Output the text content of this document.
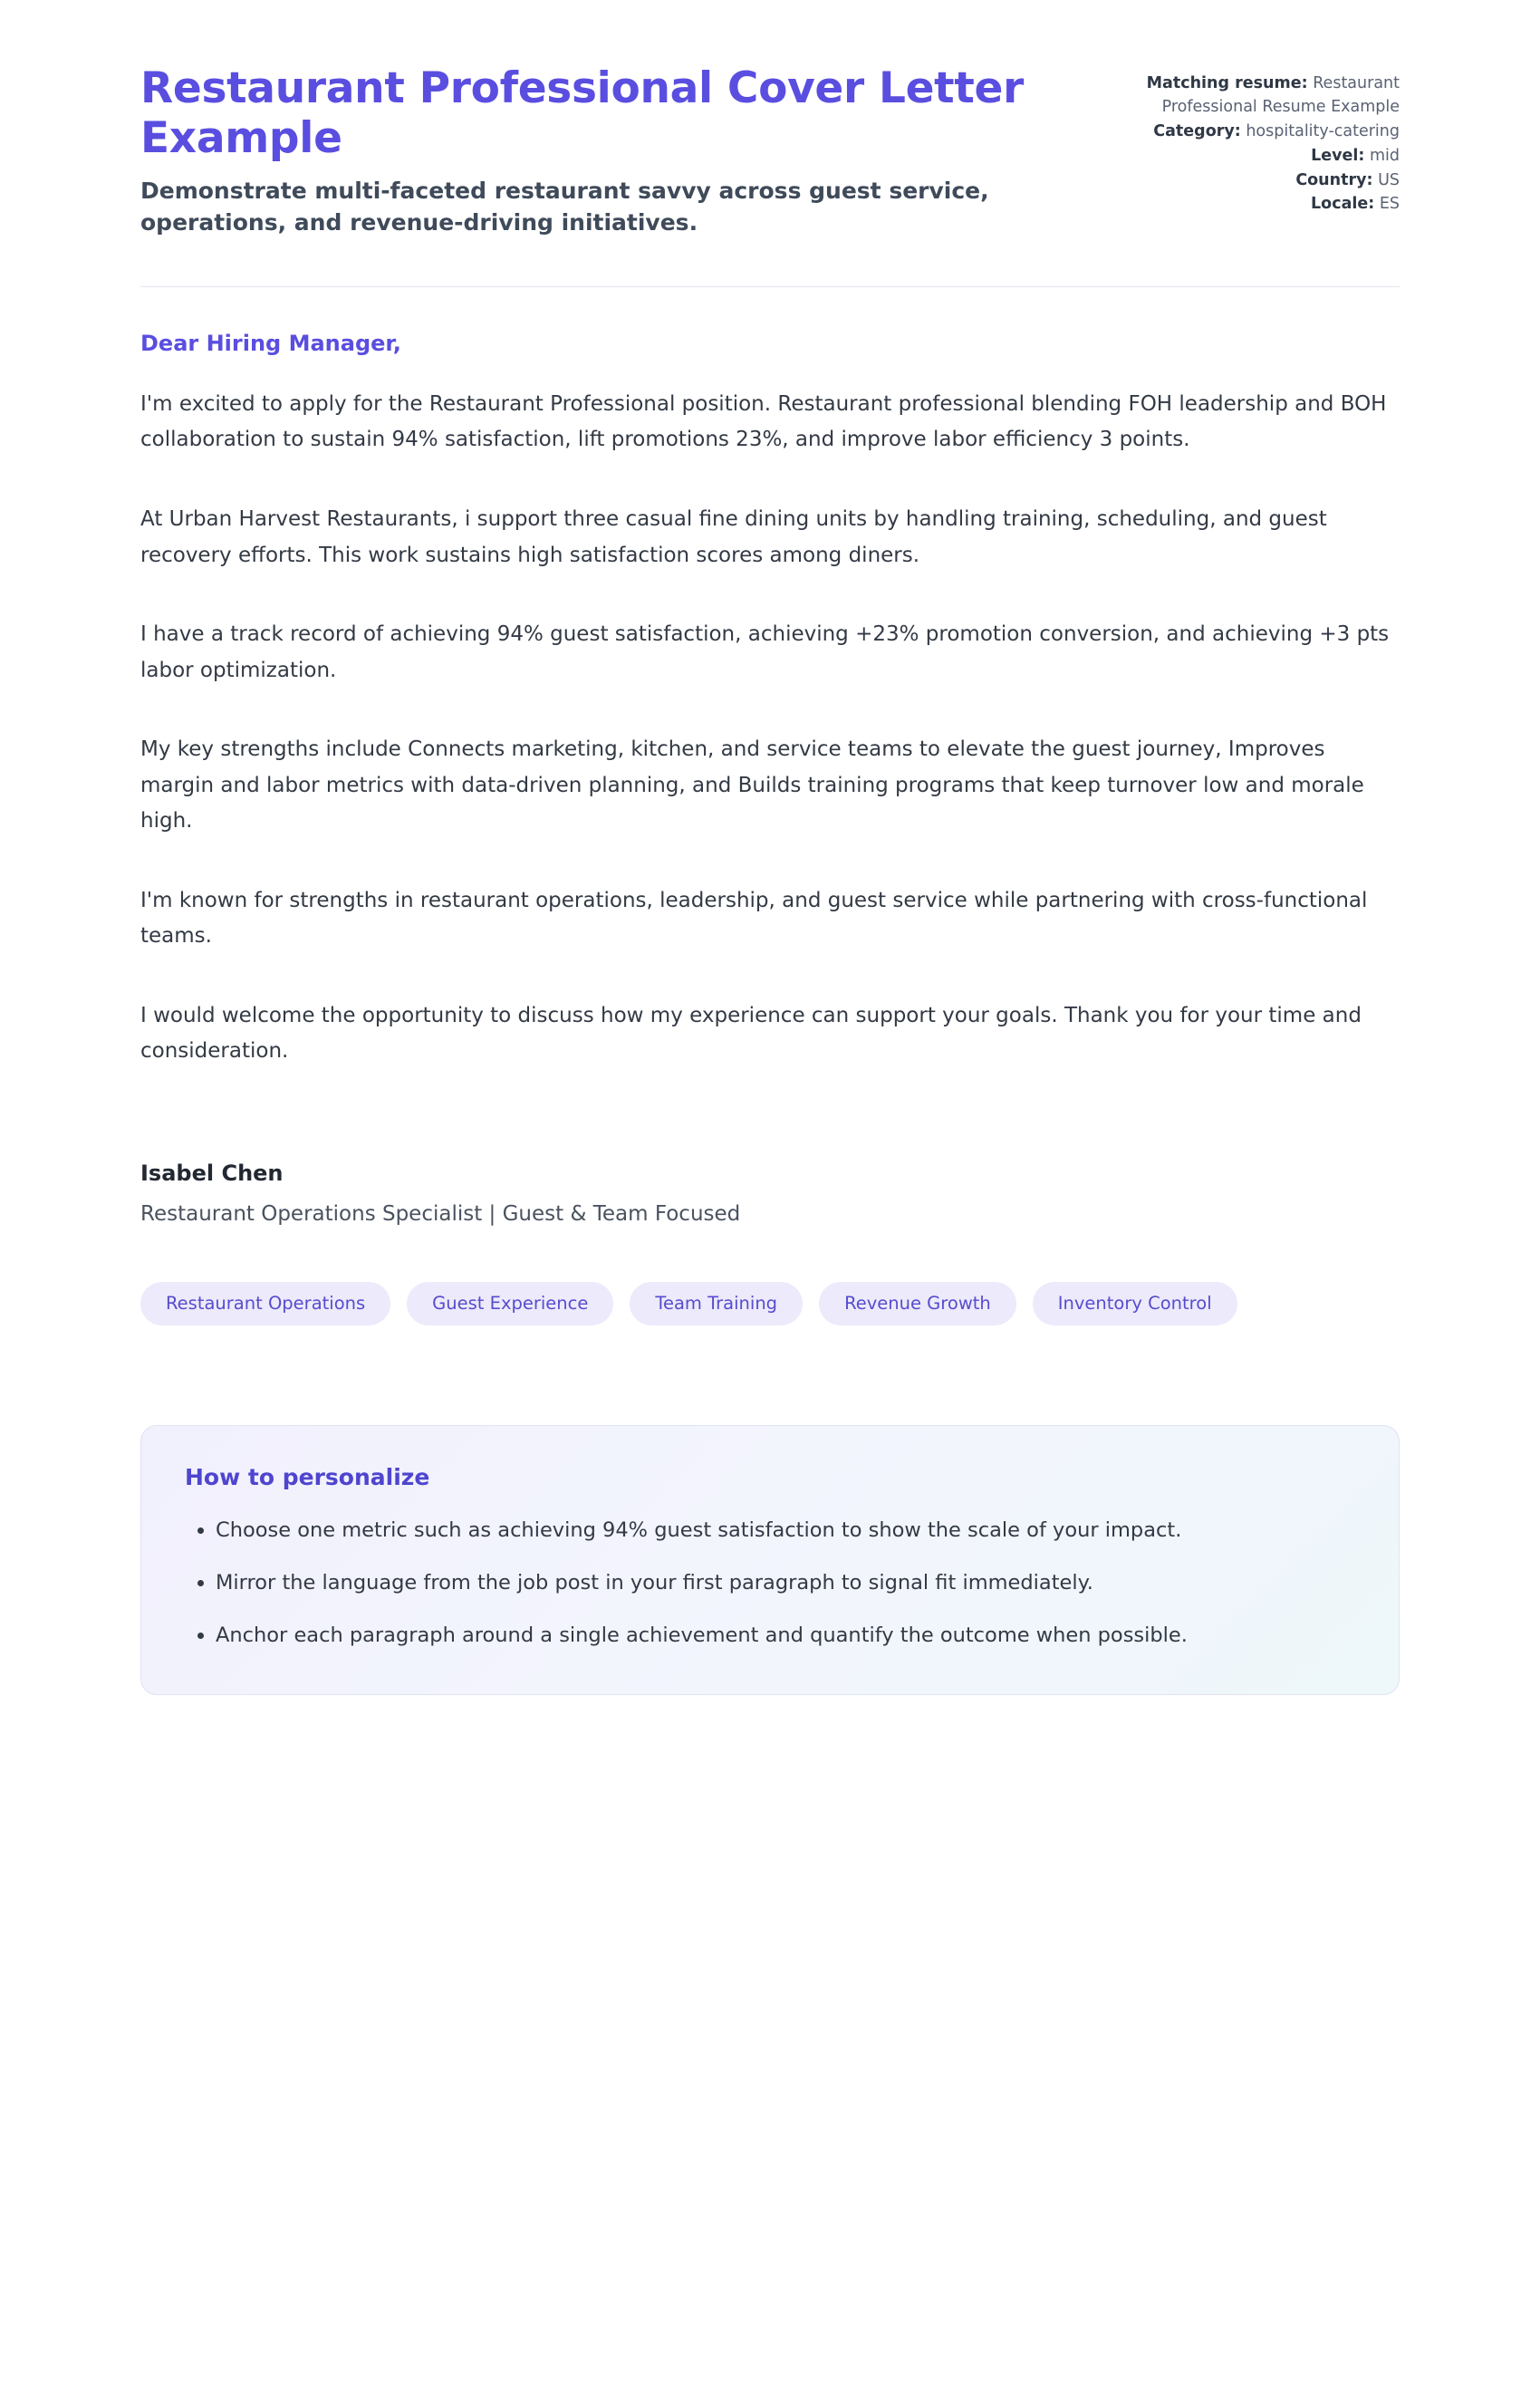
Restaurant Professional Cover Letter Example

Demonstrate multi-faceted restaurant savvy across guest service, operations, and revenue-driving initiatives.

Matching resume: Restaurant Professional Resume Example
Category: hospitality-catering
Level: mid
Country: US
Locale: ES

Dear Hiring Manager,

I'm excited to apply for the Restaurant Professional position. Restaurant professional blending FOH leadership and BOH collaboration to sustain 94% satisfaction, lift promotions 23%, and improve labor efficiency 3 points.

At Urban Harvest Restaurants, i support three casual fine dining units by handling training, scheduling, and guest recovery efforts. This work sustains high satisfaction scores among diners.

I have a track record of achieving 94% guest satisfaction, achieving +23% promotion conversion, and achieving +3 pts labor optimization.

My key strengths include Connects marketing, kitchen, and service teams to elevate the guest journey, Improves margin and labor metrics with data-driven planning, and Builds training programs that keep turnover low and morale high.

I'm known for strengths in restaurant operations, leadership, and guest service while partnering with cross-functional teams.

I would welcome the opportunity to discuss how my experience can support your goals. Thank you for your time and consideration.

Isabel Chen

Restaurant Operations Specialist | Guest & Team Focused

Restaurant Operations	Guest Experience	Team Training	Revenue Growth	Inventory Control
How to personalize
• Choose one metric such as achieving 94% guest satisfaction to show the scale of your impact.
• Mirror the language from the job post in your first paragraph to signal fit immediately.
• Anchor each paragraph around a single achievement and quantify the outcome when possible.
